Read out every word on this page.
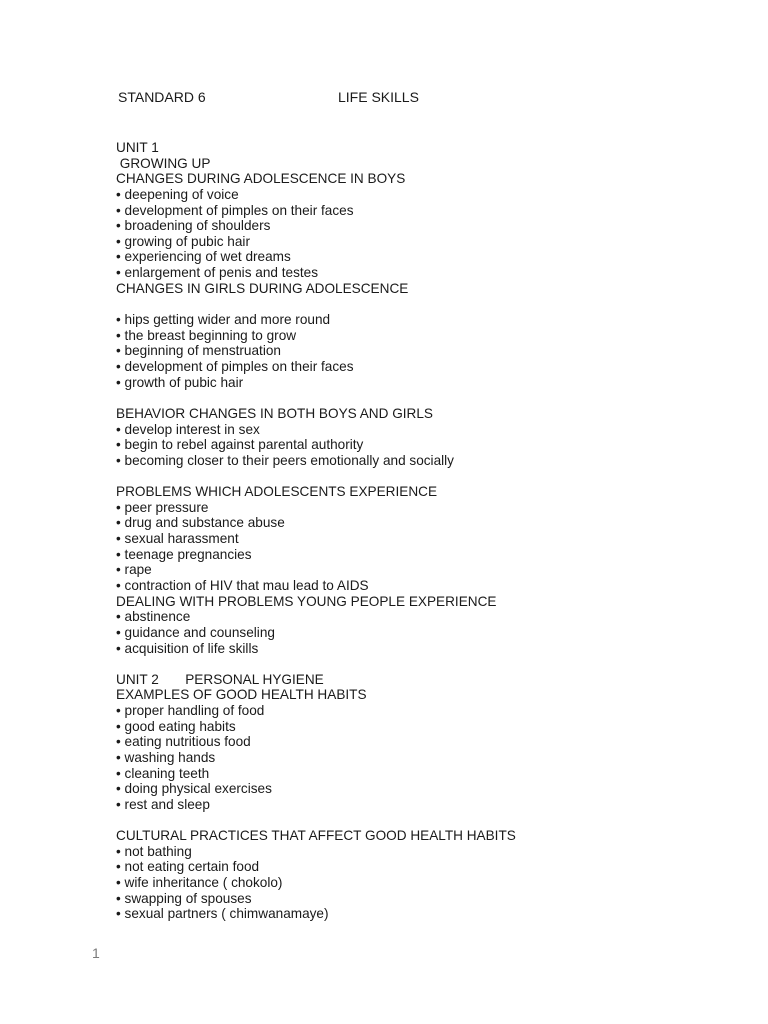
STANDARD 6	LIFE SKILLS
UNIT 1
GROWING UP
CHANGES DURING ADOLESCENCE IN BOYS
• deepening of voice
• development of pimples on their faces
• broadening of shoulders
• growing of pubic hair
• experiencing of wet dreams
• enlargement of penis and testes
CHANGES IN GIRLS DURING ADOLESCENCE
• hips getting wider and more round
• the breast beginning to grow
• beginning of menstruation
• development of pimples on their faces
• growth of pubic hair
BEHAVIOR CHANGES IN BOTH BOYS AND GIRLS
• develop interest in sex
• begin to rebel against parental authority
• becoming closer to their peers emotionally and socially
PROBLEMS WHICH ADOLESCENTS EXPERIENCE
• peer pressure
• drug and substance abuse
• sexual harassment
• teenage pregnancies
• rape
• contraction of HIV that mau lead to AIDS
DEALING WITH PROBLEMS YOUNG PEOPLE EXPERIENCE
• abstinence
• guidance and counseling
• acquisition of life skills
UNIT 2       PERSONAL HYGIENE
EXAMPLES OF GOOD HEALTH HABITS
• proper handling of food
• good eating habits
• eating nutritious food
• washing hands
• cleaning teeth
• doing physical exercises
• rest and sleep
CULTURAL PRACTICES THAT AFFECT GOOD HEALTH HABITS
• not bathing
• not eating certain food
• wife inheritance ( chokolo)
• swapping of spouses
• sexual partners ( chimwanamaye)
1
